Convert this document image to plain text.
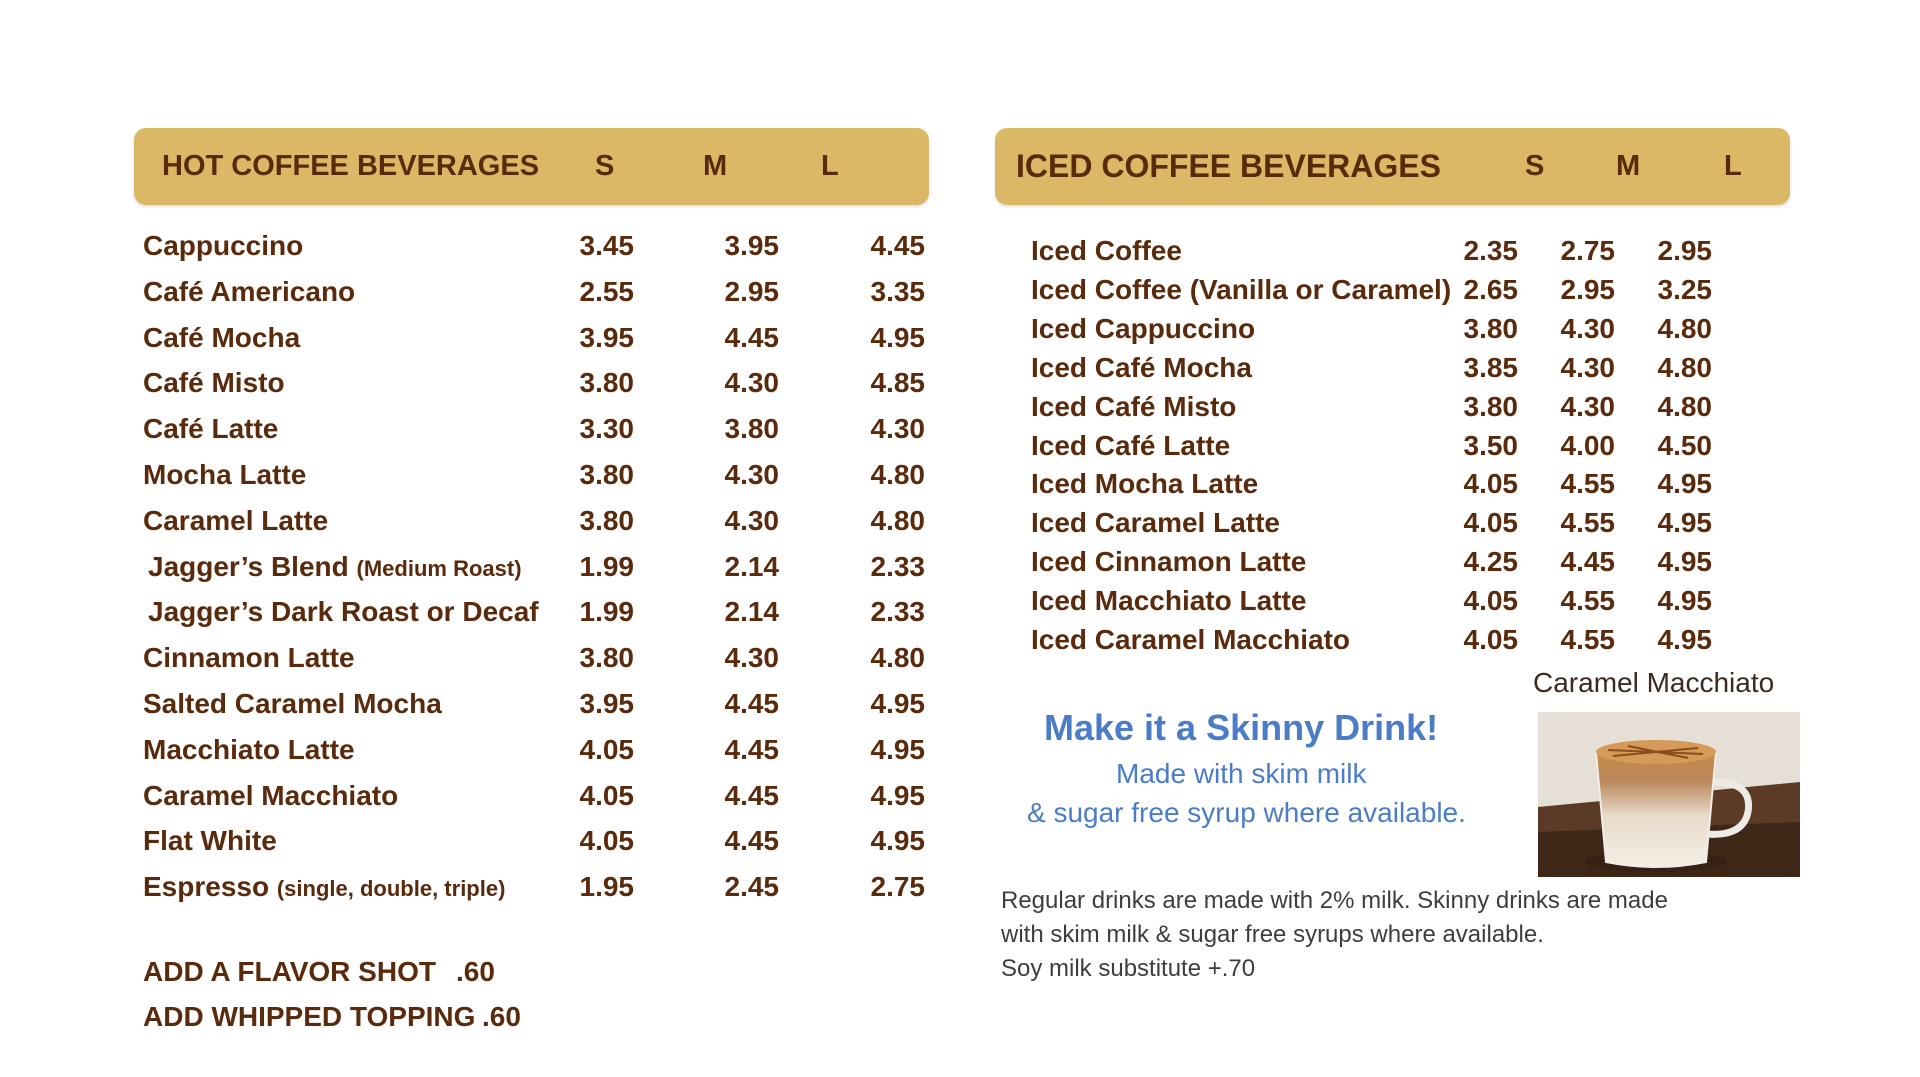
HOT COFFEE BEVERAGES S	M	L
Cappuccino	3.45	3.95	4.45
Café Americano	2.55	2.95	3.35
Café Mocha	3.95	4.45	4.95
Café Misto	3.80	4.30	4.85
Café Latte	3.30	3.80	4.30
Mocha Latte	3.80	4.30	4.80
Caramel Latte	3.80	4.30	4.80
Jagger’s Blend (Medium Roast) 1.99	2.14	2.33
Jagger’s Dark Roast or Decaf 1.99	2.14	2.33
Cinnamon Latte	3.80	4.30	4.80
Salted Caramel Mocha	3.95	4.45	4.95
Macchiato Latte	4.05	4.45	4.95
Caramel Macchiato	4.05	4.45	4.95
Flat White	4.05	4.45	4.95
Espresso (single, double, triple)	1.95	2.45	2.75
ADD A FLAVOR SHOT .60
ADD WHIPPED TOPPING .60
ICED COFFEE BEVERAGES	S M	L
Iced Coffee	2.35 2.75 2.95
Iced Coffee (Vanilla or Caramel) 2.65 2.95 3.25
Iced Cappuccino	3.80 4.30 4.80
Iced Café Mocha	3.85 4.30 4.80
Iced Café Misto	3.80 4.30 4.80
Iced Café Latte	3.50 4.00 4.50
Iced Mocha Latte	4.05 4.55 4.95
Iced Caramel Latte	4.05 4.55 4.95
Iced Cinnamon Latte	4.25 4.45 4.95
Iced Macchiato Latte	4.05 4.55 4.95
Iced Caramel Macchiato	4.05 4.55 4.95
Make it a Skinny Drink!
Made with skim milk
& sugar free syrup where available.
Caramel Macchiato
Regular drinks are made with 2% milk. Skinny drinks are made
with skim milk & sugar free syrups where available.
Soy milk substitute +.70
